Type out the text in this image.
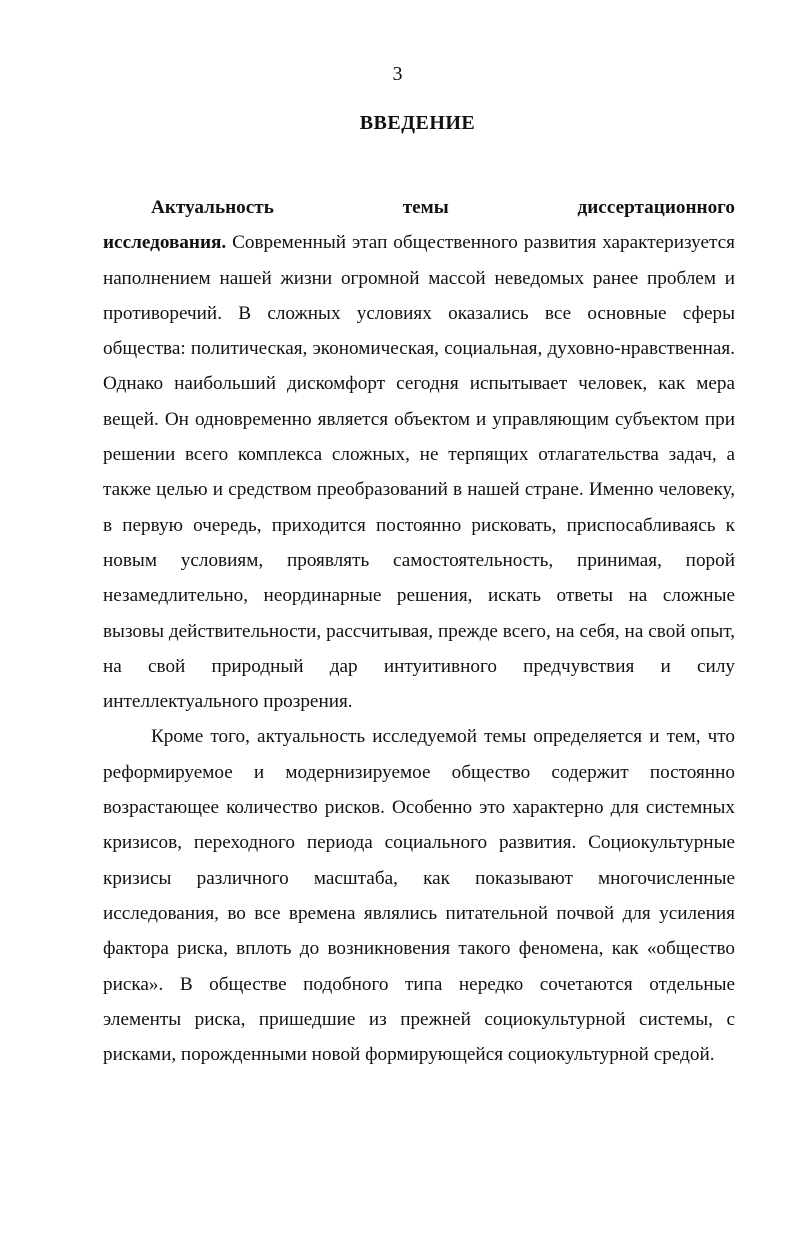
3
ВВЕДЕНИЕ

Актуальность темы диссертационного исследования. Современный этап общественного развития характеризуется наполнением нашей жизни огромной массой неведомых ранее проблем и противоречий. В сложных условиях оказались все основные сферы общества: политическая, экономическая, социальная, духовно-нравственная. Однако наибольший дискомфорт сегодня испытывает человек, как мера вещей. Он одновременно является объектом и управляющим субъектом при решении всего комплекса сложных, не терпящих отлагательства задач, а также целью и средством преобразований в нашей стране. Именно человеку, в первую очередь, приходится постоянно рисковать, приспосабливаясь к новым условиям, проявлять самостоятельность, принимая, порой незамедлительно, неординарные решения, искать ответы на сложные вызовы действительности, рассчитывая, прежде всего, на себя, на свой опыт, на свой природный дар интуитивного предчувствия и силу интеллектуального прозрения.

Кроме того, актуальность исследуемой темы определяется и тем, что реформируемое и модернизируемое общество содержит постоянно возрастающее количество рисков. Особенно это характерно для системных кризисов, переходного периода социального развития. Социокультурные кризисы различного масштаба, как показывают многочисленные исследования, во все времена являлись питательной почвой для усиления фактора риска, вплоть до возникновения такого феномена, как «общество риска». В обществе подобного типа нередко сочетаются отдельные элементы риска, пришедшие из прежней социокультурной системы, с рисками, порожденными новой формирующейся социокультурной средой.
